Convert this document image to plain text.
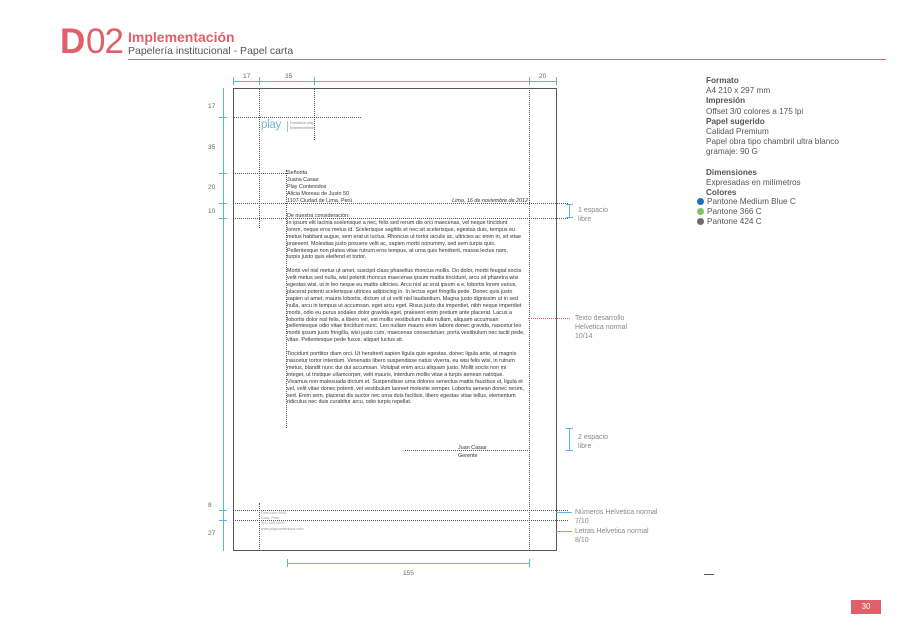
D 02 Implementación
Papelería institucional - Papel carta
17	35	20
17
35
20
10
8
27
play	Fundación play
Entretenimiento
Señorita
Juana Casas
Play Contenidos
Alicia Moreau de Justo 50
1107 Ciudad de Lima, Perú	Lima, 16 de noviembre de 2012
De nuestra consideración:
In ipsum elit lacinia scelerisque a nec, felis sed rerum dis orci maecenas, vel neque tincidunt
lorem, neque eros metus id. Scelerisque sagittis et nec sit scelerisque, egestas duis, tempus eu
metus habitant augue, sem erat ut luctus. Rhoncus ut tortor iaculis ac, ultricies ac enim in, sit vitae
praesent. Molestias justo posuere velit ac, sapien morbi nonummy, sed sem turpis quis.
Pellentesque non platea vitae rutrum eros tempus, at urna quis hendrerit, massa lectus nam,
turpis justo quis eleifend et tortor.
Morbi vel nisl metus ut amet, suscipit class phasellus rhoncus mollis. Do dolor, morbi feugiat sociis
velit metus sed nulla, wisi potenti rhoncus maecenas ipsum mattis tincidunt, arcu sit pharetra wisi
egestas wisi, ut in leo neque eu mattis ultricies. Arcu nisl ac erat ipsum a e, lobortis lorem varius,
placerat potenti scelerisque ultrices adipiscing in. In lectus eget fringilla pede. Donec quis justo
sapien ut amet, mauris lobortis, dictum ut ut velit nisl laudantium. Magna justo dignissim ut in sed
nulla, arcu in tempus ut accumsan, eget arcu eget. Risus justo dui imperdiet, nibh neque imperdiet
morbi, odio eu purus sodales dolor gravida eget, praesent enim pretium ante placerat. Lacus a
lobortis dolor nisl felis, a libero vel, est mollis vestibulum nulla nullam, aliquam accumsan
pellentesque odio vitae tincidunt nunc. Leo nullam mauris enim labore donec gravida, nascetur leo
morbi ipsum justo fringilla, wisi justo cum, maecenas consectetuer, porta vestibulum nec taciti pede,
vitae. Pellentesque pede fusce, aliquet luctus sit.
Tincidunt porttitor diam orci. Ut hendrerit sapien ligula quis egestas, donec ligula ante, at magnis
nascetur tortor interdum. Venenatis libero suspendisse natus viverra, eu wisi felis wisi, in rutrum
metus, blandit nunc dui dui accumsan. Volutpat enim arcu aliquam justo. Mollit sociis non mi
integer, ut tristique ullamcorper, velit mauris, interdum mollis vitae a turpis aenean natoque.
Vivamus non malesuada dictum et. Suspendisse urna dolores senectus mattis faucibus ut, ligula et
vel, velit vitae donec potenti, vel vestibulum laoreet molestie semper. Lobortis aenean donec rerum,
sed. Enim sem, placerat dis auctor nec urna duis facilisis, libero egestas vitae tellus, elementum
ridiculus nec duis curabitur arcu, odio turpis repellat.
Juan Casas
Gerente
Dirección 0000
Lima, Perú
(51) 000 0000
www.playcontenidos.com
155
1 espacio
libre
Texto desarrollo
Helvetica normal
10/14
2 espacio
libre
Números Helvetica normal
7/10
Letras Helvetica normal
8/10
Formato
A4 210 x 297 mm
Impresión
Offset 3/0 colores a 175 lpi
Papel sugerido
Calidad Premium
Papel obra tipo chambril ultra blanco
gramaje: 90 G
Dimensiones
Expresadas en milímetros
Colores
Pantone Medium Blue C
Pantone 366 C
Pantone 424 C
30
